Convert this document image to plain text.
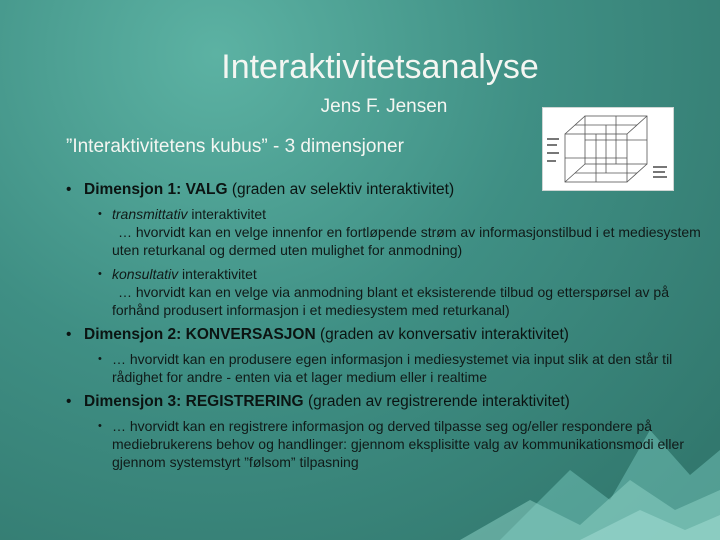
Interaktivitetsanalyse
Jens F. Jensen
”Interaktivitetens kubus” - 3 dimensjoner
• Dimensjon 1: VALG (graden av selektiv interaktivitet)
• transmittativ interaktivitet
… hvorvidt kan en velge innenfor en fortløpende strøm av informasjonstilbud i et mediesystem uten returkanal og dermed uten mulighet for anmodning)
• konsultativ interaktivitet
… hvorvidt kan en velge via anmodning blant et eksisterende tilbud og etterspørsel av på forhånd produsert informasjon i et mediesystem med returkanal)
• Dimensjon 2: KONVERSASJON (graden av konversativ interaktivitet)
• … hvorvidt kan en produsere egen informasjon i mediesystemet via input slik at den står til rådighet for andre - enten via et lager medium eller i realtime
• Dimensjon 3: REGISTRERING (graden av registrerende interaktivitet)
• … hvorvidt kan en registrere informasjon og derved tilpasse seg og/eller respondere på mediebrukerens behov og handlinger: gjennom eksplisitte valg av kommunikationsmodi eller gjennom systemstyrt ”følsom” tilpasning
